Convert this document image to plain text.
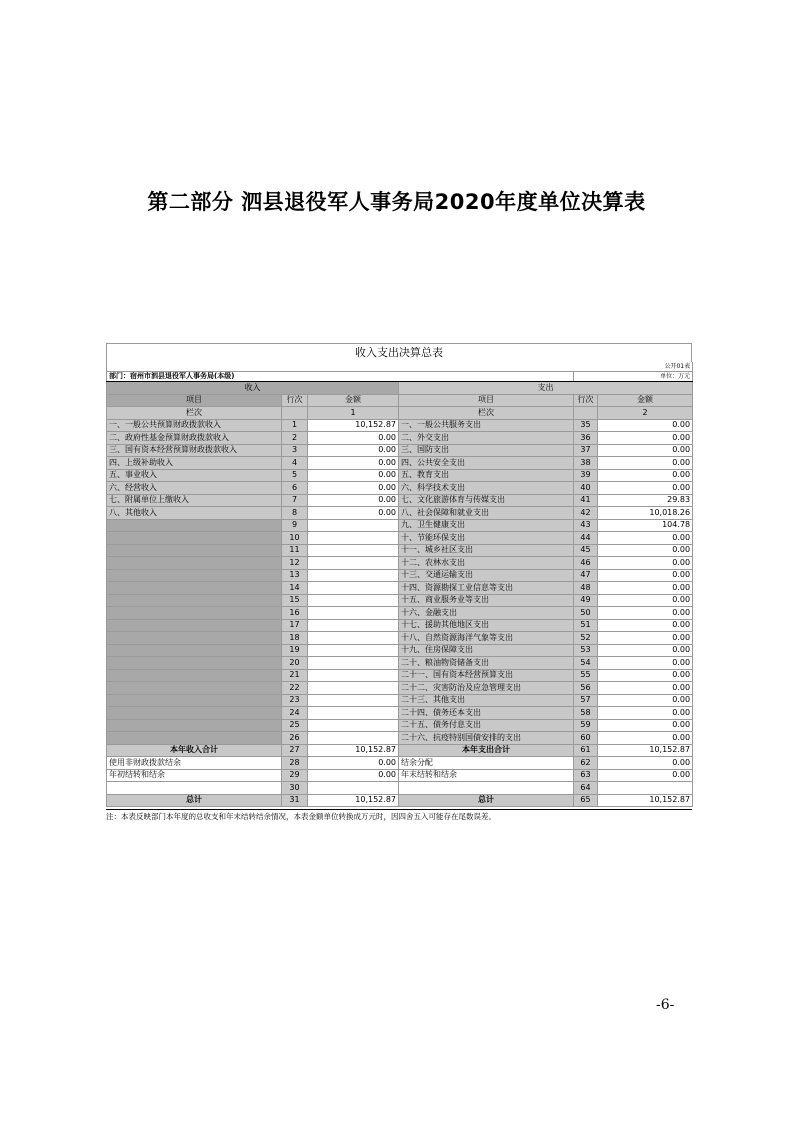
第二部分 泗县退役军人事务局2020年度单位决算表
收入支出决算总表
公开01表					
部门：宿州市泗县退役军人事务局(本级)				单位：万元	
收入			支出		
项目	行次	金额	项目	行次	金额
栏次		1	栏次		2
一、一般公共预算财政拨款收入	1	10,152.87	一、一般公共服务支出	35	0.00
二、政府性基金预算财政拨款收入	2	0.00	二、外交支出	36	0.00
三、国有资本经营预算财政拨款收入	3	0.00	三、国防支出	37	0.00
四、上级补助收入	4	0.00	四、公共安全支出	38	0.00
五、事业收入	5	0.00	五、教育支出	39	0.00
六、经营收入	6	0.00	六、科学技术支出	40	0.00
七、附属单位上缴收入	7	0.00	七、文化旅游体育与传媒支出	41	29.83
八、其他收入	8	0.00	八、社会保障和就业支出	42	10,018.26
	9		九、卫生健康支出	43	104.78
	10		十、节能环保支出	44	0.00
	11		十一、城乡社区支出	45	0.00
	12		十二、农林水支出	46	0.00
	13		十三、交通运输支出	47	0.00
	14		十四、资源勘探工业信息等支出	48	0.00
	15		十五、商业服务业等支出	49	0.00
	16		十六、金融支出	50	0.00
	17		十七、援助其他地区支出	51	0.00
	18		十八、自然资源海洋气象等支出	52	0.00
	19		十九、住房保障支出	53	0.00
	20		二十、粮油物资储备支出	54	0.00
	21		二十一、国有资本经营预算支出	55	0.00
	22		二十二、灾害防治及应急管理支出	56	0.00
	23		二十三、其他支出	57	0.00
	24		二十四、债务还本支出	58	0.00
	25		二十五、债务付息支出	59	0.00
	26		二十六、抗疫特别国债安排的支出	60	0.00
本年收入合计	27	10,152.87	本年支出合计	61	10,152.87
使用非财政拨款结余	28	0.00	结余分配	62	0.00
年初结转和结余	29	0.00	年末结转和结余	63	0.00
	30			64	
总计	31	10,152.87	总计	65	10,152.87
注：本表反映部门本年度的总收支和年末结转结余情况，本表金额单位转换成万元时，因四舍五入可能存在尾数误差。
-6-
